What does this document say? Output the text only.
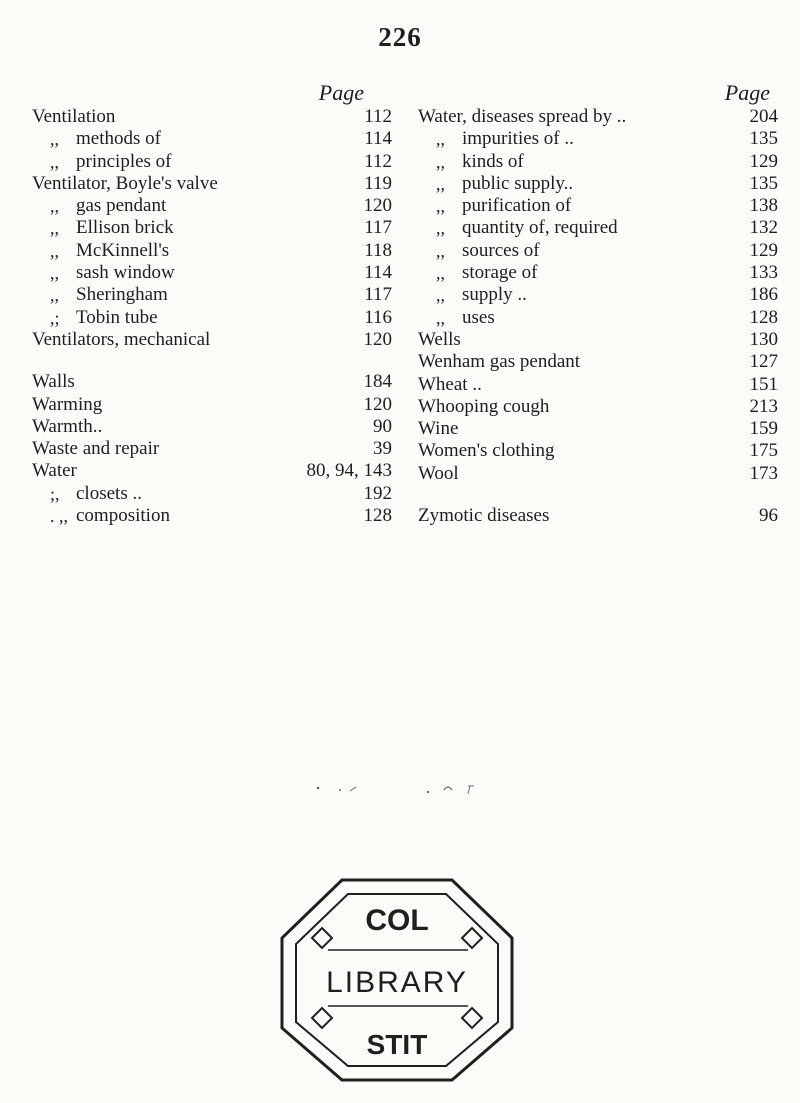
226
Page
Ventilation	112
,, methods of	114
,, principles of	112
Ventilator, Boyle's valve	119
,, gas pendant	120
,, Ellison brick	117
,, McKinnell's	118
,, sash window	114
,, Sheringham	117
,; Tobin tube	116
Ventilators, mechanical	120
Walls	184
Warming	120
Warmth..	90
Waste and repair	39
Water	80, 94, 143
;, closets ..	192
. ,, composition	128
Page
Water, diseases spread by ..	204
,, impurities of ..	135
,, kinds of	129
,, public supply..	135
,, purification of	138
,, quantity of, required	132
,, sources of	129
,, storage of	133
,, supply ..	186
,, uses	128
Wells	130
Wenham gas pendant	127
Wheat ..	151
Whooping cough	213
Wine	159
Women's clothing	175
Wool	173
Zymotic diseases	96
COL
LIBRARY
STIT
